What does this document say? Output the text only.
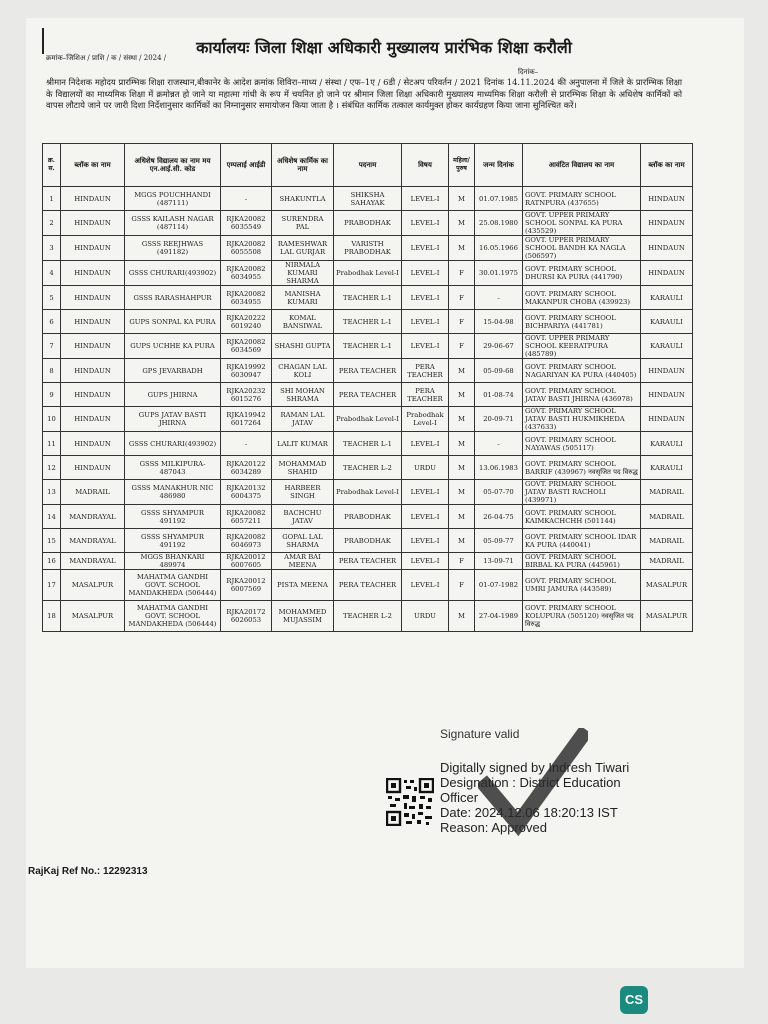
कार्यालयः जिला शिक्षा अधिकारी मुख्यालय प्रारंभिक शिक्षा करौली
क्रमांक–जिशिअ / प्राशि / क / संस्था / 2024 /
दिनांक–
श्रीमान निदेशक महोदय प्रारम्भिक शिक्षा राजस्थान,बीकानेर के आदेश क्रमांक शिविरा–माध्य / संस्था / एफ–1ए / 6डी / सेटअप परिवर्तन / 2021 दिनांक 14.11.2024 की अनुपालना में जिले के प्रारम्भिक शिक्षा के विद्यालयों का माध्यमिक शिक्षा में क्रमोन्नत हो जाने या महात्मा गांधी के रूप में चयनित हो जाने पर श्रीमान जिला शिक्षा अधिकारी मुख्यालय माध्यमिक शिक्षा करौली से प्रारम्भिक शिक्षा के अधिशेष कार्मिकों को वापस लौटाये जाने पर जारी दिशा निर्देशानुसार कार्मिकों का निम्नानुसार समायोजन किया जाता है । संबंधित कार्मिक तत्काल कार्यमुक्त होकर कार्यग्रहण किया जाना सुनिश्चित करें।
क्र. स.	ब्लॉक का नाम	अधिशेष विद्यालय का नाम मय एन.आई.सी. कोड	एम्पलाई आईडी	अधिशेष कार्मिक का नाम	पदनाम	विषय	महिला/पुरुष	जन्म दिनांक	आवंटित विद्यालय का नाम	ब्लॉक का नाम
1	HINDAUN	MGGS POUCHHANDI (487111)	-	SHAKUNTLA	SHIKSHA SAHAYAK	LEVEL-I	M	01.07.1985	GOVT. PRIMARY SCHOOL RATNPURA (437655)	HINDAUN
2	HINDAUN	GSSS KAILASH NAGAR (487114)	RJKA20082 6035549	SURENDRA PAL	PRABODHAK	LEVEL-I	M	25.08.1980	GOVT. UPPER PRIMARY SCHOOL SONPAL KA PURA (435529)	HINDAUN
3	HINDAUN	GSSS REEJHWAS (491182)	RJKA20082 6055508	RAMESHWAR LAL GURJAR	VARISTH PRABODHAK	LEVEL-I	M	16.05.1966	GOVT. UPPER PRIMARY SCHOOL BANDH KA NAGLA (506597)	HINDAUN
4	HINDAUN	GSSS CHURARI(493902)	RJKA20082 6034955	NIRMALA KUMARI SHARMA	Prabodhak Level-I	LEVEL-I	F	30.01.1975	GOVT. PRIMARY SCHOOL DHURSI KA PURA (441790)	HINDAUN
5	HINDAUN	GSSS RARASHAHPUR	RJKA20082 6034955	MANISHA KUMARI	TEACHER L-1	LEVEL-I	F	-	GOVT. PRIMARY SCHOOL MAKANPUR CHOBA (439923)	KARAULI
6	HINDAUN	GUPS SONPAL KA PURA	RJKA20222 6019240	KOMAL BANSIWAL	TEACHER L-1	LEVEL-I	F	15-04-98	GOVT. PRIMARY SCHOOL BICHPARIYA (441781)	KARAULI
7	HINDAUN	GUPS UCHHE KA PURA	RJKA20082 6034569	SHASHI GUPTA	TEACHER L-1	LEVEL-I	F	29-06-67	GOVT. UPPER PRIMARY SCHOOL KEERATPURA (485789)	KARAULI
8	HINDAUN	GPS JEVARBADH	RJKA19992 6030947	CHAGAN LAL KOLI	PERA TEACHER	PERA TEACHER	M	05-09-68	GOVT. PRIMARY SCHOOL NAGARIYAN KA PURA (440405)	HINDAUN
9	HINDAUN	GUPS JHIRNA	RJKA20232 6015276	SHI MOHAN SHRAMA	PERA TEACHER	PERA TEACHER	M	01-08-74	GOVT. PRIMARY SCHOOL JATAV BASTI JHIRNA (436978)	HINDAUN
10	HINDAUN	GUPS JATAV BASTI JHIRNA	RJKA19942 6017264	RAMAN LAL JATAV	Prabodhak Level-I	Prabodhak Level-I	M	20-09-71	GOVT. PRIMARY SCHOOL JATAV BASTI HUKMIKHEDA (437633)	HINDAUN
11	HINDAUN	GSSS CHURARI(493902)	-	LALIT KUMAR	TEACHER L-1	LEVEL-I	M	-	GOVT. PRIMARY SCHOOL NAYAWAS (505117)	KARAULI
12	HINDAUN	GSSS MILKIPURA-487043	RJKA20122 6034289	MOHAMMAD SHAHID	TEACHER L-2	URDU	M	13.06.1983	GOVT. PRIMARY SCHOOL BARRIF (439967) नवसृजित पद विरुद्ध	KARAULI
13	MADRAIL	GSSS MANAKHUR NIC 486980	RJKA20132 6004375	HARBEER SINGH	Prabodhak Level-I	LEVEL-I	M	05-07-70	GOVT. PRIMARY SCHOOL JATAV BASTI RACHOLI (439971)	MADRAIL
14	MANDRAYAL	GSSS SHYAMPUR 491192	RJKA20082 6057211	BACHCHU JATAV	PRABODHAK	LEVEL-I	M	26-04-75	GOVT. PRIMARY SCHOOL KAIMKACHCHH (501144)	MADRAIL
15	MANDRAYAL	GSSS SHYAMPUR 491192	RJKA20082 6046973	GOPAL LAL SHARMA	PRABODHAK	LEVEL-I	M	05-09-77	GOVT. PRIMARY SCHOOL IDAR KA PURA (440041)	MADRAIL
16	MANDRAYAL	MGGS BHANKARI 489974	RJKA20012 6007605	AMAR BAI MEENA	PERA TEACHER	LEVEL-I	F	13-09-71	GOVT. PRIMARY SCHOOL BIRBAL KA PURA (445961)	MADRAIL
17	MASALPUR	MAHATMA GANDHI GOVT. SCHOOL MANDAKHEDA (506444)	RJKA20012 6007569	PISTA MEENA	PERA TEACHER	LEVEL-I	F	01-07-1982	GOVT. PRIMARY SCHOOL UMRI JAMURA (443589)	MASALPUR
18	MASALPUR	MAHATMA GANDHI GOVT. SCHOOL MANDAKHEDA (506444)	RJKA20172 6026053	MOHAMMED MUJASSIM	TEACHER L-2	URDU	M	27-04-1989	GOVT. PRIMARY SCHOOL KOLUPURA (505120) नवसृजित पद विरुद्ध	MASALPUR
Signature valid
Digitally signed by Indresh Tiwari
Designation : District Education
Officer
Date: 2024.12.06 18:20:13 IST
Reason: Approved
RajKaj Ref No.: 12292313
CS
